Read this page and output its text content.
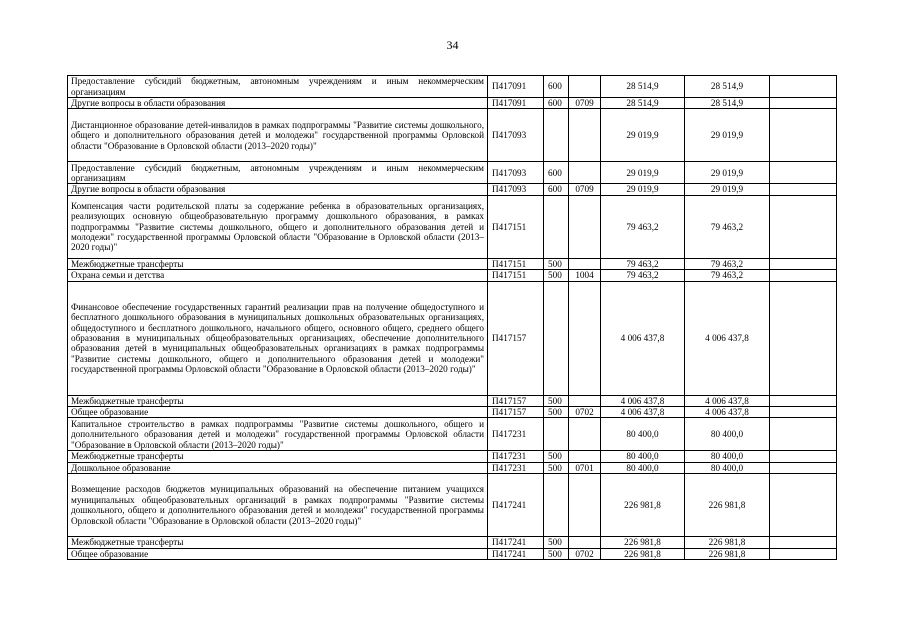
34
Предоставление субсидий бюджетным, автономным учреждениям и иным некоммерческим организациям	П417091	600		28 514,9	28 514,9	
Другие вопросы в области образования	П417091	600	0709	28 514,9	28 514,9	
Дистанционное образование детей-инвалидов в рамках подпрограммы "Развитие системы дошкольного, общего и дополнительного образования детей и молодежи" государственной программы Орловской области "Образование в Орловской области (2013–2020 годы)"	П417093			29 019,9	29 019,9	
Предоставление субсидий бюджетным, автономным учреждениям и иным некоммерческим организациям	П417093	600		29 019,9	29 019,9	
Другие вопросы в области образования	П417093	600	0709	29 019,9	29 019,9	
Компенсация части родительской платы за содержание ребенка в образовательных организациях, реализующих основную общеобразовательную программу дошкольного образования, в рамках подпрограммы "Развитие системы дошкольного, общего и дополнительного образования детей и молодежи" государственной программы Орловской области "Образование в Орловской области (2013–2020 годы)"	П417151			79 463,2	79 463,2	
Межбюджетные трансферты	П417151	500		79 463,2	79 463,2	
Охрана семьи и детства	П417151	500	1004	79 463,2	79 463,2	
Финансовое обеспечение государственных гарантий реализации прав на получение общедоступного и бесплатного дошкольного образования в муниципальных дошкольных образовательных организациях, общедоступного и бесплатного дошкольного, начального общего, основного общего, среднего общего образования в муниципальных общеобразовательных организациях, обеспечение дополнительного образования детей в муниципальных общеобразовательных организациях в рамках подпрограммы "Развитие системы дошкольного, общего и дополнительного образования детей и молодежи" государственной программы Орловской области "Образование в Орловской области (2013–2020 годы)"	П417157			4 006 437,8	4 006 437,8	
Межбюджетные трансферты	П417157	500		4 006 437,8	4 006 437,8	
Общее образование	П417157	500	0702	4 006 437,8	4 006 437,8	
Капитальное строительство в рамках подпрограммы "Развитие системы дошкольного, общего и дополнительного образования детей и молодежи" государственной программы Орловской области "Образование в Орловской области (2013–2020 годы)"	П417231			80 400,0	80 400,0	
Межбюджетные трансферты	П417231	500		80 400,0	80 400,0	
Дошкольное образование	П417231	500	0701	80 400,0	80 400,0	
Возмещение расходов бюджетов муниципальных образований на обеспечение питанием учащихся муниципальных общеобразовательных организаций в рамках подпрограммы "Развитие системы дошкольного, общего и дополнительного образования детей и молодежи" государственной программы Орловской области "Образование в Орловской области (2013–2020 годы)"	П417241			226 981,8	226 981,8	
Межбюджетные трансферты	П417241	500		226 981,8	226 981,8	
Общее образование	П417241	500	0702	226 981,8	226 981,8	
